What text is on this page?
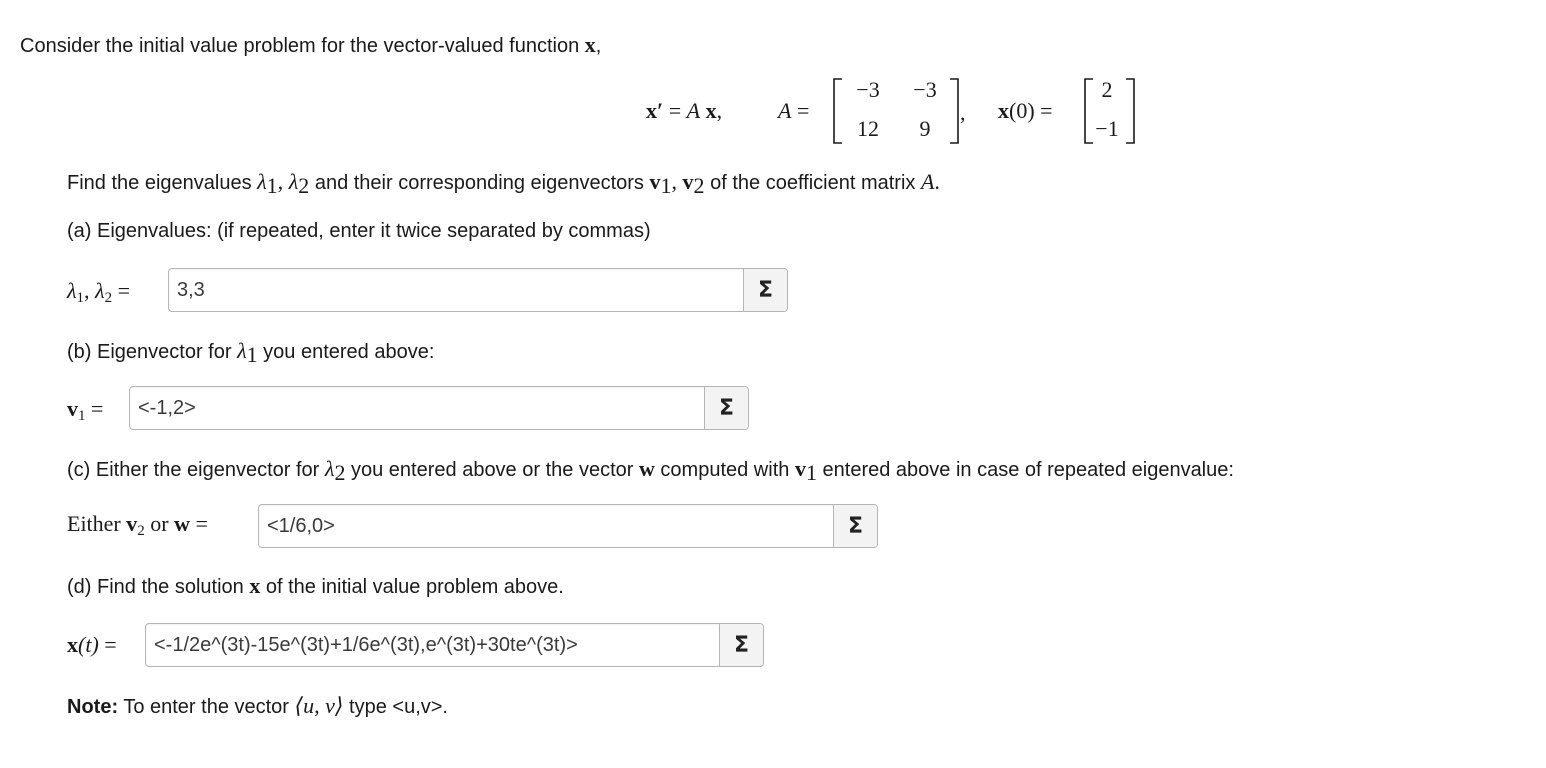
Consider the initial value problem for the vector-valued function x,
x′ = A x,	A =
−3	−3
12	9
, x(0) =
2
−1
Find the eigenvalues $\lambda_1$, $\lambda_2$ and their corresponding eigenvectors $v_1$, $v_2$ of the coefficient matrix A.
(a) Eigenvalues: (if repeated, enter it twice separated by commas)
$\lambda_1$, $\lambda_2$ =
3,3	Σ
(b) Eigenvector for $\lambda_1$ you entered above:
$v_1$ =
<-1,2>	Σ
(c) Either the eigenvector for $\lambda_2$ you entered above or the vector w computed with $v_1$ entered above in case of repeated eigenvalue:
Either $v_2$ or w =
<1/6,0>	Σ
(d) Find the solution x of the initial value problem above.
x(t) =
<-1/2e^(3t)-15e^(3t)+1/6e^(3t),e^(3t)+30te^(3t)>	Σ
Note: To enter the vector ⟨u, v⟩ type <u,v>.
